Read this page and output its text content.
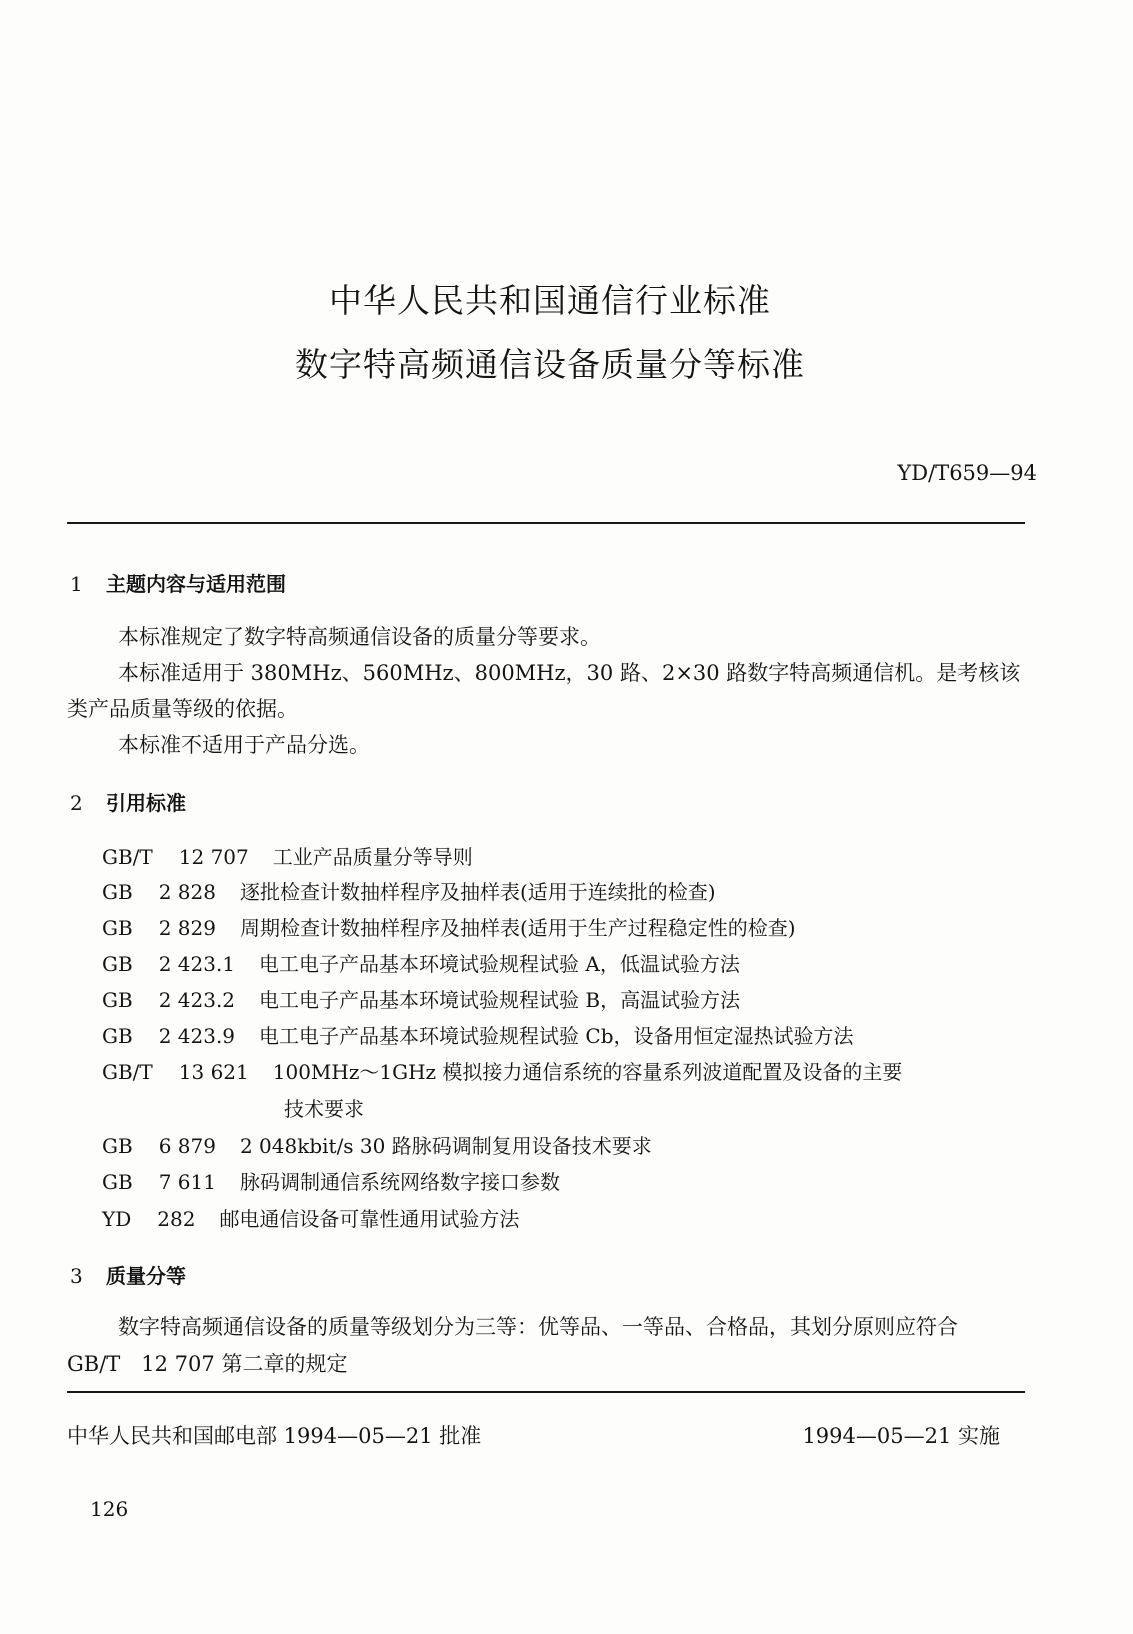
中华人民共和国通信行业标准
数字特高频通信设备质量分等标准
YD/T659—94
1 主题内容与适用范围
本标准规定了数字特高频通信设备的质量分等要求。
本标准适用于 380MHz、560MHz、800MHz，30 路、2×30 路数字特高频通信机。是考核该
类产品质量等级的依据。
本标准不适用于产品分选。
2 引用标准
GB/T 12 707 工业产品质量分等导则
GB 2 828 逐批检查计数抽样程序及抽样表(适用于连续批的检查)
GB 2 829 周期检查计数抽样程序及抽样表(适用于生产过程稳定性的检查)
GB 2 423.1 电工电子产品基本环境试验规程试验 A，低温试验方法
GB 2 423.2 电工电子产品基本环境试验规程试验 B，高温试验方法
GB 2 423.9 电工电子产品基本环境试验规程试验 Cb，设备用恒定湿热试验方法
GB/T 13 621 100MHz～1GHz 模拟接力通信系统的容量系列波道配置及设备的主要
技术要求
GB 6 879 2 048kbit/s 30 路脉码调制复用设备技术要求
GB 7 611 脉码调制通信系统网络数字接口参数
YD 282 邮电通信设备可靠性通用试验方法
3 质量分等
数字特高频通信设备的质量等级划分为三等：优等品、一等品、合格品，其划分原则应符合
GB/T　12 707 第二章的规定
中华人民共和国邮电部 1994—05—21 批准	1994—05—21 实施
126
